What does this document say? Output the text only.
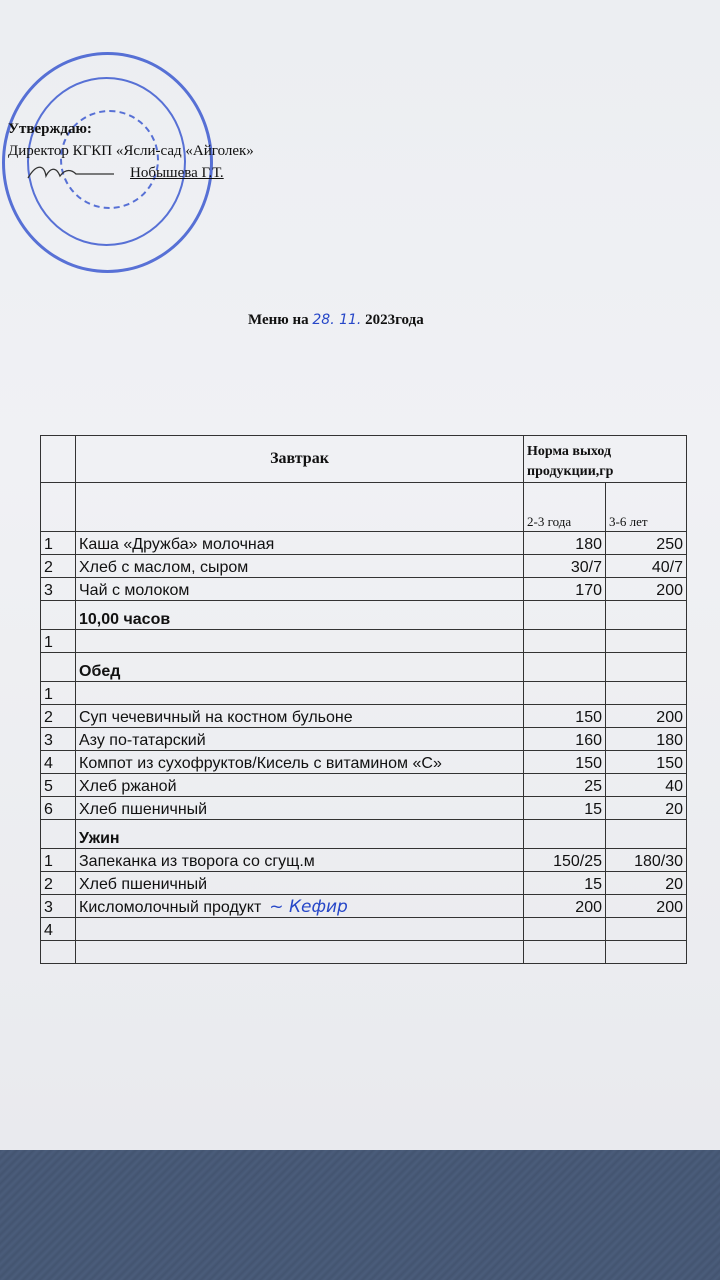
Утверждаю:
Директор КГКП «Ясли-сад «Айголек»
Нобышева Г.Т.
Меню на 28. 11. 2023года
	Завтрак	Норма выход продукции,гр	
		2-3 года	3-6 лет
1	Каша «Дружба» молочная	180	250
2	Хлеб с маслом, сыром	30/7	40/7
3	Чай с молоком	170	200
	10,00 часов		
1			
	Обед		
1			
2	Суп чечевичный на костном бульоне	150	200
3	Азу по-татарский	160	180
4	Компот из сухофруктов/Кисель с витамином «С»	150	150
5	Хлеб ржаной	25	40
6	Хлеб пшеничный	15	20
	Ужин		
1	Запеканка из творога со сгущ.м	150/25	180/30
2	Хлеб пшеничный	15	20
3	Кисломолочный продукт ~ Кефир	200	200
4			
